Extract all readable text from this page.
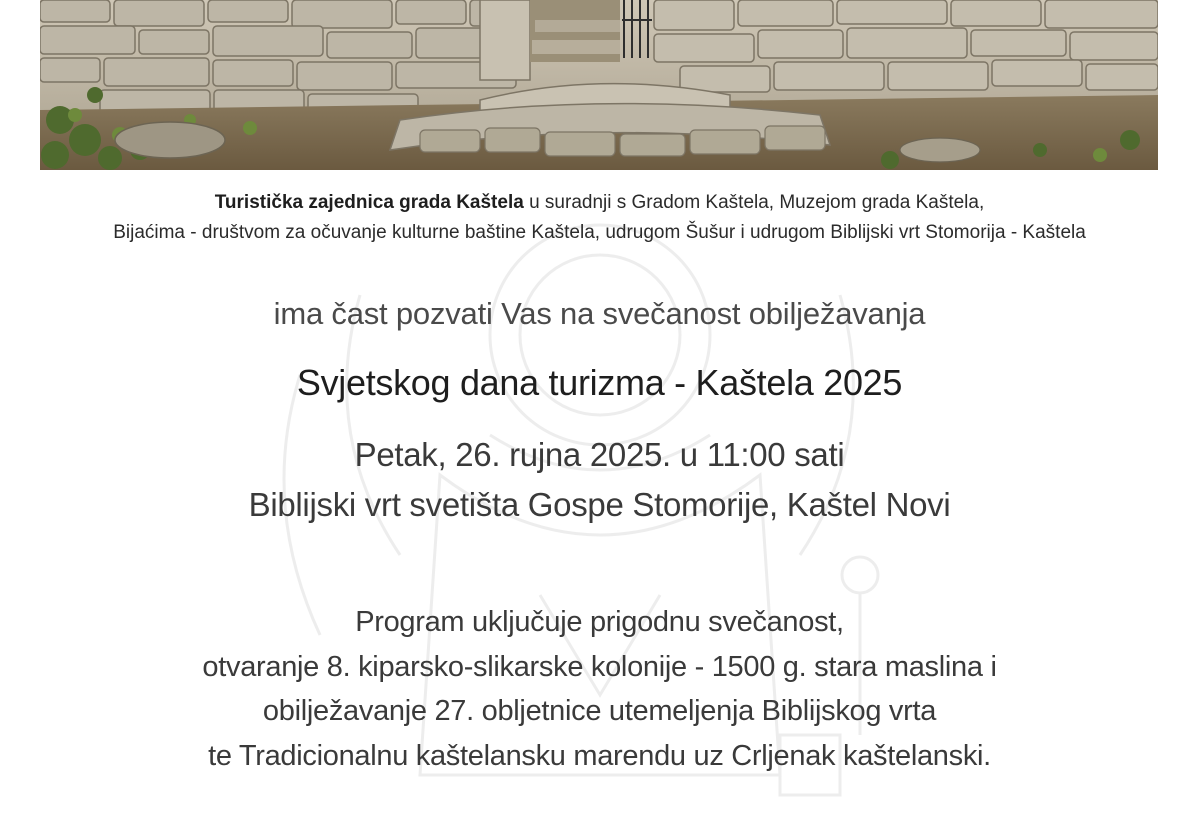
Turistička zajednica grada Kaštela u suradnji s Gradom Kaštela, Muzejom grada Kaštela,
Bijaćima - društvom za očuvanje kulturne baštine Kaštela, udrugom Šušur i udrugom Biblijski vrt Stomorija - Kaštela
ima čast pozvati Vas na svečanost obilježavanja
Svjetskog dana turizma - Kaštela 2025
Petak, 26. rujna 2025. u 11:00 sati
Biblijski vrt svetišta Gospe Stomorije, Kaštel Novi
Program uključuje prigodnu svečanost,
otvaranje 8. kiparsko-slikarske kolonije - 1500 g. stara maslina i
obilježavanje 27. obljetnice utemeljenja Biblijskog vrta
te Tradicionalnu kaštelansku marendu uz Crljenak kaštelanski.
